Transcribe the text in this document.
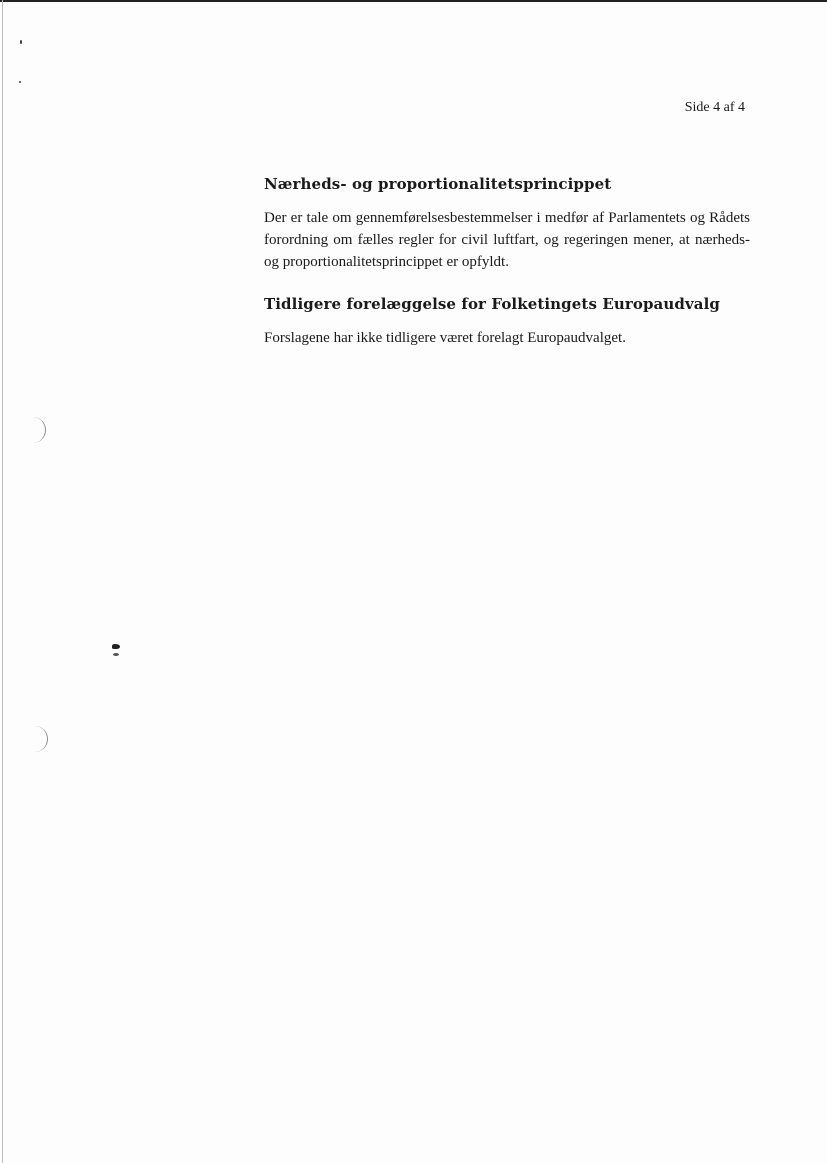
Side 4 af 4
Nærheds- og proportionalitetsprincippet

Der er tale om gennemførelsesbestemmelser i medfør af Parlamentets og Rådets forordning om fælles regler for civil luftfart, og regeringen mener, at nærheds- og proportionalitetsprincippet er opfyldt.

Tidligere forelæggelse for Folketingets Europaudvalg

Forslagene har ikke tidligere været forelagt Europaudvalget.
